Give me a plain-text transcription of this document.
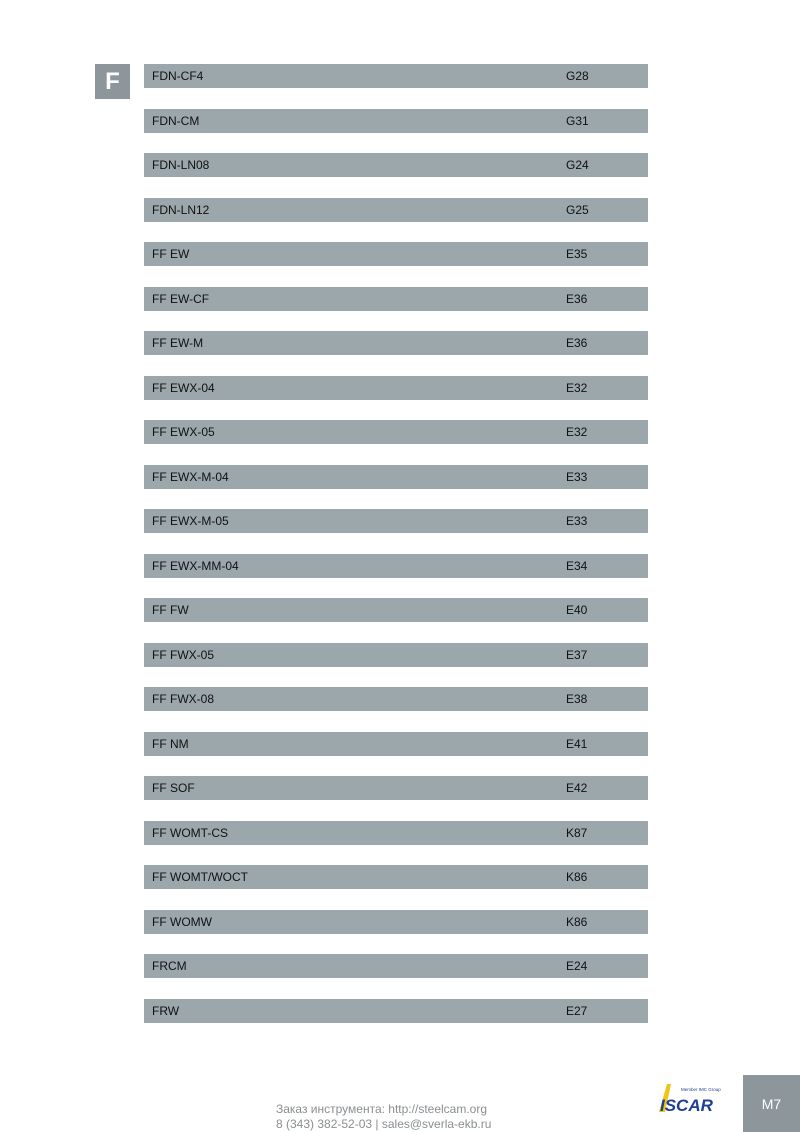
F	FDN-CF4	G28
FDN-CM	G31
FDN-LN08	G24
FDN-LN12	G25
FF EW	E35
FF EW-CF	E36
FF EW-M	E36
FF EWX-04	E32
FF EWX-05	E32
FF EWX-M-04	E33
FF EWX-M-05	E33
FF EWX-MM-04	E34
FF FW	E40
FF FWX-05	E37
FF FWX-08	E38
FF NM	E41
FF SOF	E42
FF WOMT-CS	K87
FF WOMT/WOCT	K86
FF WOMW	K86
FRCM	E24
FRW	E27
Заказ инструмента: http://steelcam.org
8 (343) 382-52-03 | sales@sverla-ekb.ru
Member IMC Group
ISCAR	M7
